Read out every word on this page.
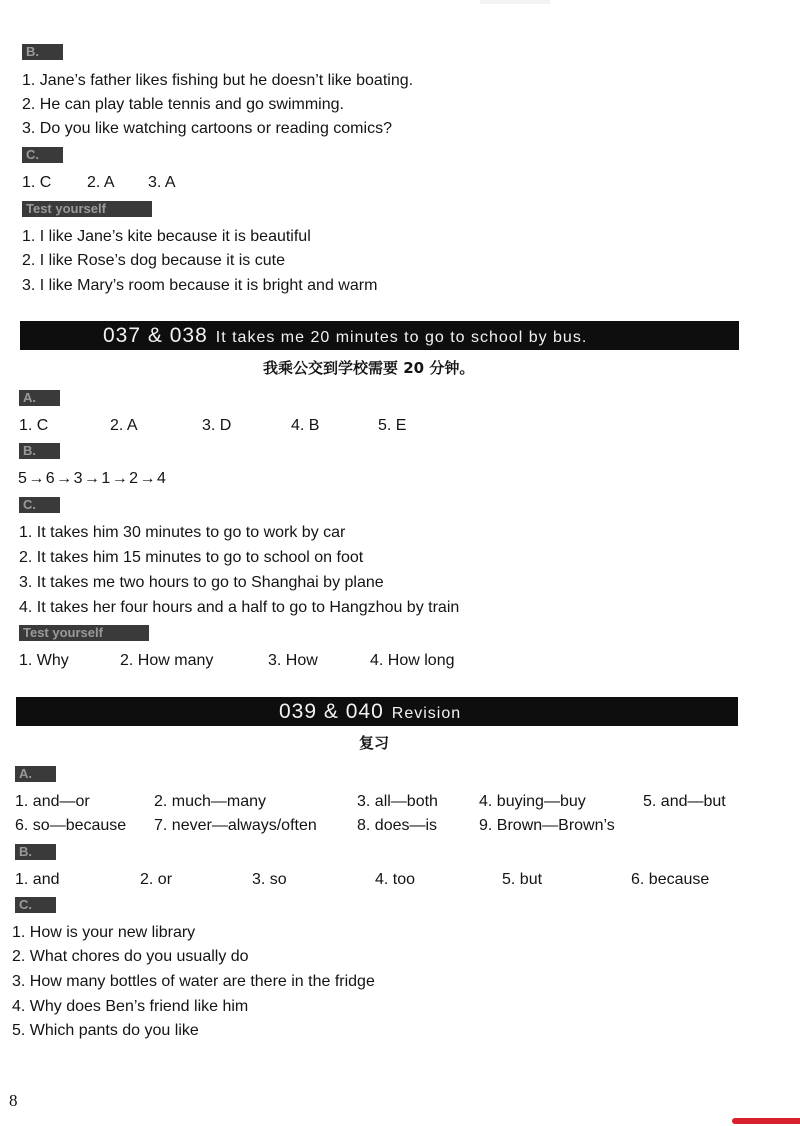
B.
1. Jane’s father likes fishing but he doesn’t like boating.
2. He can play table tennis and go swimming.
3. Do you like watching cartoons or reading comics?
C.
1. C 2. A 3. A
Test yourself
1. I like Jane’s kite because it is beautiful
2. I like Rose’s dog because it is cute
3. I like Mary’s room because it is bright and warm
037 & 038 It takes me 20 minutes to go to school by bus.
我乘公交到学校需要 20 分钟。
A.
1. C	2. A	3. D	4. B	5. E
B.
5 → 6 → 3 → 1 → 2 → 4
C.
1. It takes him 30 minutes to go to work by car
2. It takes him 15 minutes to go to school on foot
3. It takes me two hours to go to Shanghai by plane
4. It takes her four hours and a half to go to Hangzhou by train
Test yourself
1. Why	2. How many	3. How	4. How long
039 & 040 Revision
复习
A.
1. and—or	2. much—many	3. all—both	4. buying—buy	5. and—but
6. so—because 7. never—always/often	8. does—is	9. Brown—Brown’s
B.
1. and	2. or	3. so	4. too	5. but	6. because
C.
1. How is your new library
2. What chores do you usually do
3. How many bottles of water are there in the fridge
4. Why does Ben’s friend like him
5. Which pants do you like
8
